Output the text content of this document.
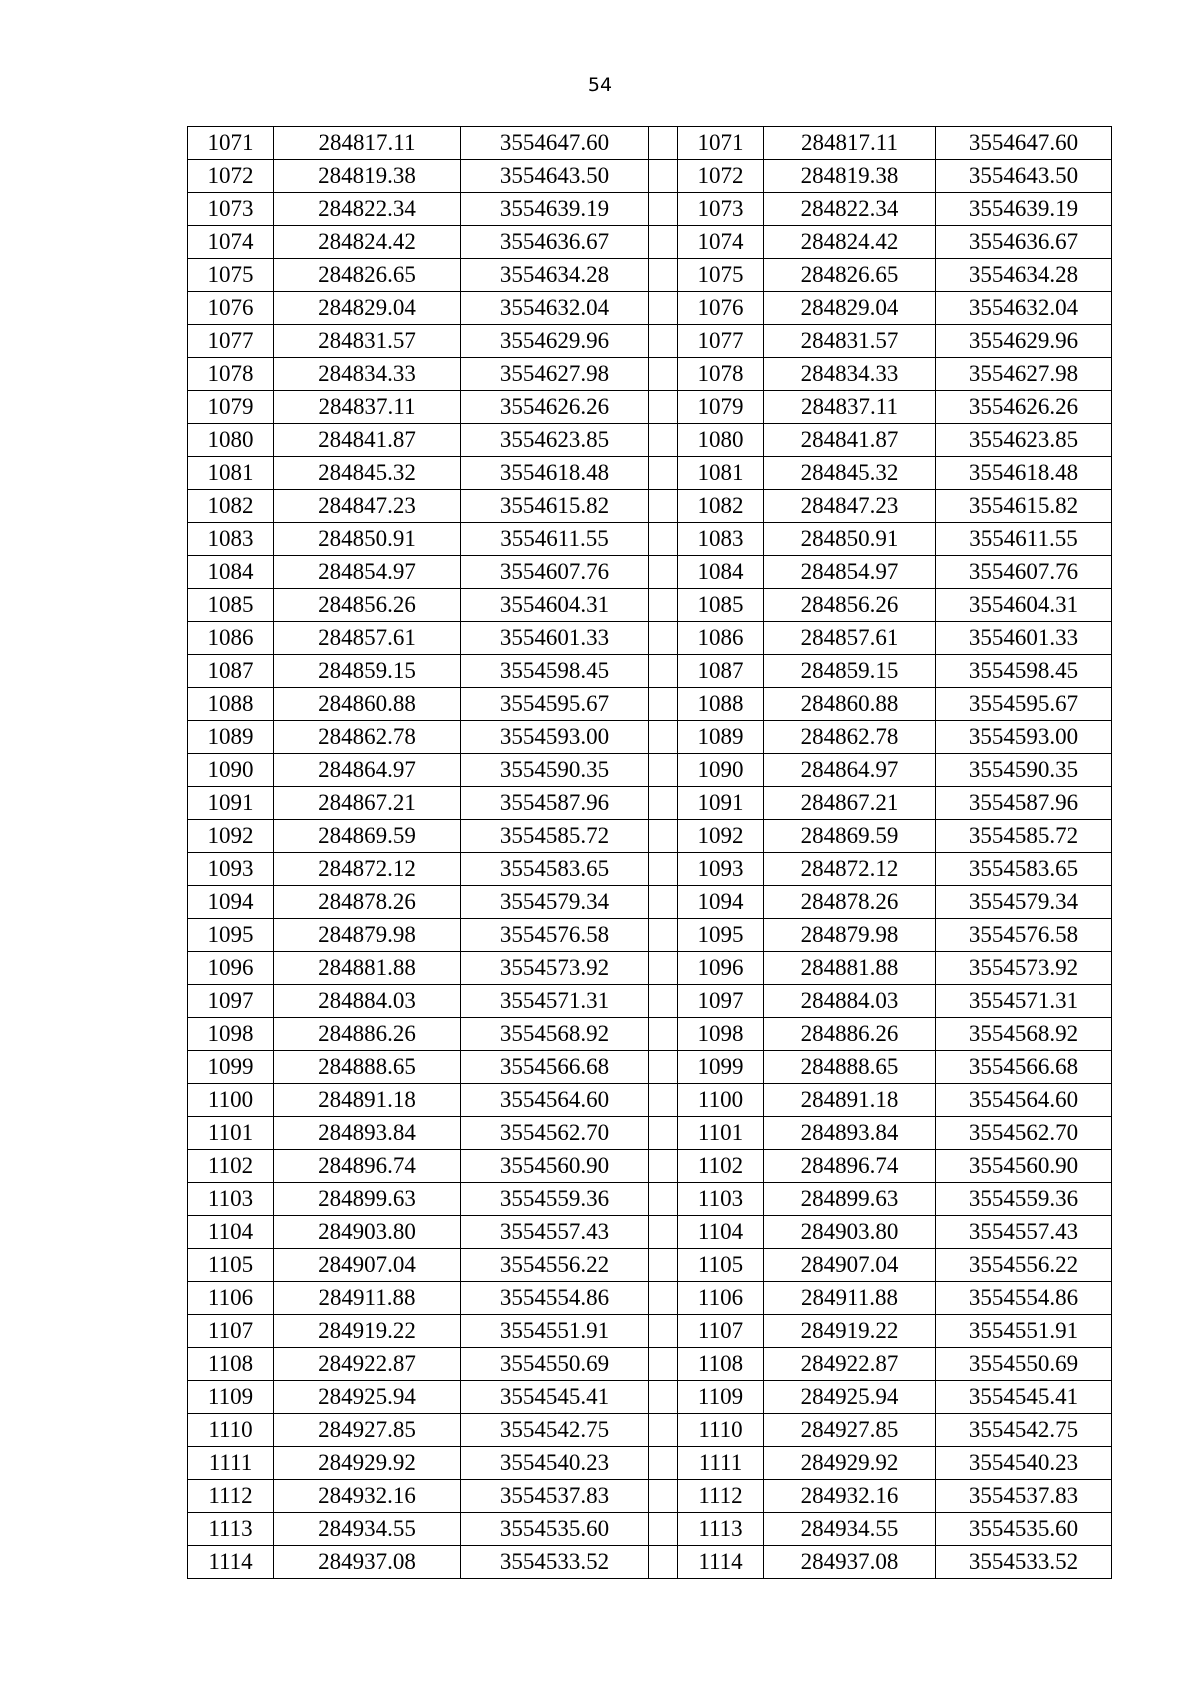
54
1071	284817.11	3554647.60		1071	284817.11	3554647.60
1072	284819.38	3554643.50		1072	284819.38	3554643.50
1073	284822.34	3554639.19		1073	284822.34	3554639.19
1074	284824.42	3554636.67		1074	284824.42	3554636.67
1075	284826.65	3554634.28		1075	284826.65	3554634.28
1076	284829.04	3554632.04		1076	284829.04	3554632.04
1077	284831.57	3554629.96		1077	284831.57	3554629.96
1078	284834.33	3554627.98		1078	284834.33	3554627.98
1079	284837.11	3554626.26		1079	284837.11	3554626.26
1080	284841.87	3554623.85		1080	284841.87	3554623.85
1081	284845.32	3554618.48		1081	284845.32	3554618.48
1082	284847.23	3554615.82		1082	284847.23	3554615.82
1083	284850.91	3554611.55		1083	284850.91	3554611.55
1084	284854.97	3554607.76		1084	284854.97	3554607.76
1085	284856.26	3554604.31		1085	284856.26	3554604.31
1086	284857.61	3554601.33		1086	284857.61	3554601.33
1087	284859.15	3554598.45		1087	284859.15	3554598.45
1088	284860.88	3554595.67		1088	284860.88	3554595.67
1089	284862.78	3554593.00		1089	284862.78	3554593.00
1090	284864.97	3554590.35		1090	284864.97	3554590.35
1091	284867.21	3554587.96		1091	284867.21	3554587.96
1092	284869.59	3554585.72		1092	284869.59	3554585.72
1093	284872.12	3554583.65		1093	284872.12	3554583.65
1094	284878.26	3554579.34		1094	284878.26	3554579.34
1095	284879.98	3554576.58		1095	284879.98	3554576.58
1096	284881.88	3554573.92		1096	284881.88	3554573.92
1097	284884.03	3554571.31		1097	284884.03	3554571.31
1098	284886.26	3554568.92		1098	284886.26	3554568.92
1099	284888.65	3554566.68		1099	284888.65	3554566.68
1100	284891.18	3554564.60		1100	284891.18	3554564.60
1101	284893.84	3554562.70		1101	284893.84	3554562.70
1102	284896.74	3554560.90		1102	284896.74	3554560.90
1103	284899.63	3554559.36		1103	284899.63	3554559.36
1104	284903.80	3554557.43		1104	284903.80	3554557.43
1105	284907.04	3554556.22		1105	284907.04	3554556.22
1106	284911.88	3554554.86		1106	284911.88	3554554.86
1107	284919.22	3554551.91		1107	284919.22	3554551.91
1108	284922.87	3554550.69		1108	284922.87	3554550.69
1109	284925.94	3554545.41		1109	284925.94	3554545.41
1110	284927.85	3554542.75		1110	284927.85	3554542.75
1111	284929.92	3554540.23		1111	284929.92	3554540.23
1112	284932.16	3554537.83		1112	284932.16	3554537.83
1113	284934.55	3554535.60		1113	284934.55	3554535.60
1114	284937.08	3554533.52		1114	284937.08	3554533.52
